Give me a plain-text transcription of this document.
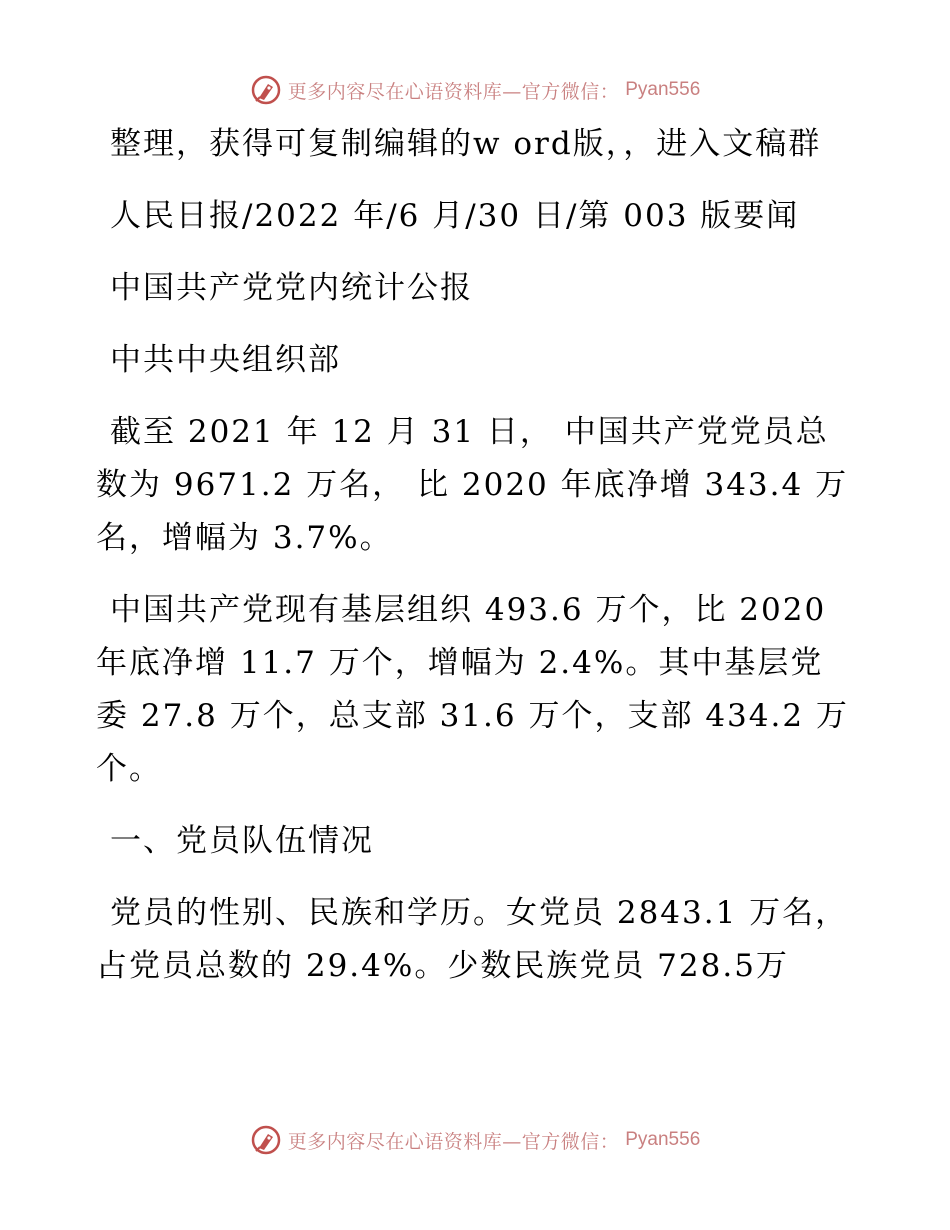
更多内容尽在心语资料库—官方微信： Pyan556

整理，获得可复制编辑的w ord版，，进入文稿群

人民日报/2022 年/6 月/30 日/第 003 版要闻

中国共产党党内统计公报

中共中央组织部

截至 2021 年 12 月 31 日， 中国共产党党员总数为 9671.2 万名， 比 2020 年底净增 343.4 万名，增幅为 3.7%。

中国共产党现有基层组织 493.6 万个，比 2020 年底净增 11.7 万个，增幅为 2.4%。其中基层党委 27.8 万个，总支部 31.6 万个，支部 434.2 万个。

一、党员队伍情况

党员的性别、民族和学历。女党员 2843.1 万名，占党员总数的 29.4%。少数民族党员 728.5万

更多内容尽在心语资料库—官方微信： Pyan556
